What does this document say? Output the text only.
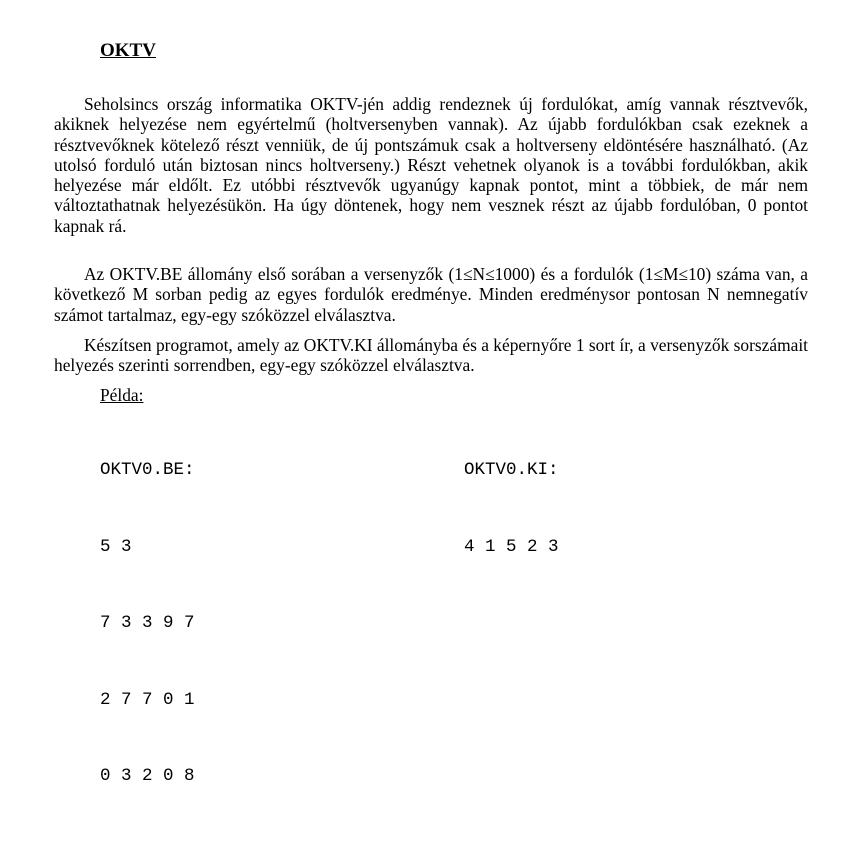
OKTV

Seholsincs ország informatika OKTV-jén addig rendeznek új fordulókat, amíg vannak résztvevők, akiknek helyezése nem egyértelmű (holtversenyben vannak). Az újabb fordulókban csak ezeknek a résztvevőknek kötelező részt venniük, de új pontszámuk csak a holtverseny eldöntésére használható. (Az utolsó forduló után biztosan nincs holtverseny.) Részt vehetnek olyanok is a további fordulókban, akik helyezése már eldőlt. Ez utóbbi résztvevők ugyanúgy kapnak pontot, mint a többiek, de már nem változtathatnak helyezésükön. Ha úgy döntenek, hogy nem vesznek részt az újabb fordulóban, 0 pontot kapnak rá.

Az OKTV.BE állomány első sorában a versenyzők (1≤N≤1000) és a fordulók (1≤M≤10) száma van, a következő M sorban pedig az egyes fordulók eredménye. Minden eredménysor pontosan N nemnegatív számot tartalmaz, egy-egy szóközzel elválasztva.

Készítsen programot, amely az OKTV.KI állományba és a képernyőre 1 sort ír, a versenyzők sorszámait helyezés szerinti sorrendben, egy-egy szóközzel elválasztva.

Példa:

OKTV0.BE:

5 3

7 3 3 9 7

2 7 7 0 1

0 3 2 0 8

OKTV0.KI:

4 1 5 2 3
